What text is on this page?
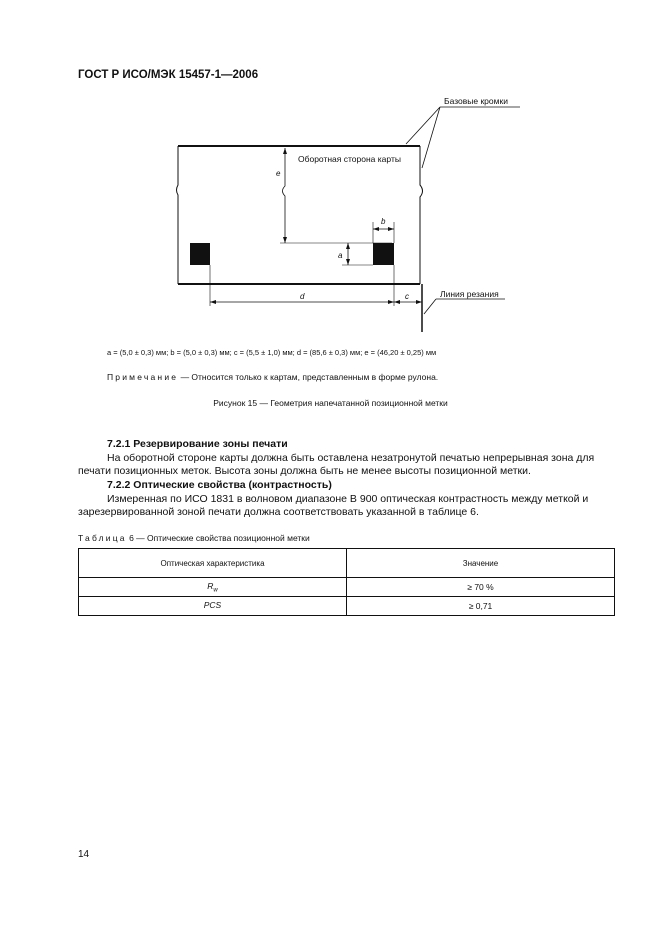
ГОСТ Р ИСО/МЭК 15457-1—2006
e
Оборотная сторона карты
b
a
d	c
Базовые кромки
Линия резания
a = (5,0 ± 0,3) мм; b = (5,0 ± 0,3) мм; c = (5,5 ± 1,0) мм; d = (85,6 ± 0,3) мм; e = (46,20 ± 0,25) мм
Примечание — Относится только к картам, представленным в форме рулона.
Рисунок 15 — Геометрия напечатанной позиционной метки
7.2.1 Резервирование зоны печати
На оборотной стороне карты должна быть оставлена незатронутой печатью непрерывная зона для печати позиционных меток. Высота зоны должна быть не менее высоты позиционной метки.
7.2.2 Оптические свойства (контрастность)
Измеренная по ИСО 1831 в волновом диапазоне В 900 оптическая контрастность между меткой и зарезервированной зоной печати должна соответствовать указанной в таблице 6.
Таблица 6 — Оптические свойства позиционной метки
Оптическая характеристика	Значение
$R_w$	≥ 70 %
PCS	≥ 0,71
14
